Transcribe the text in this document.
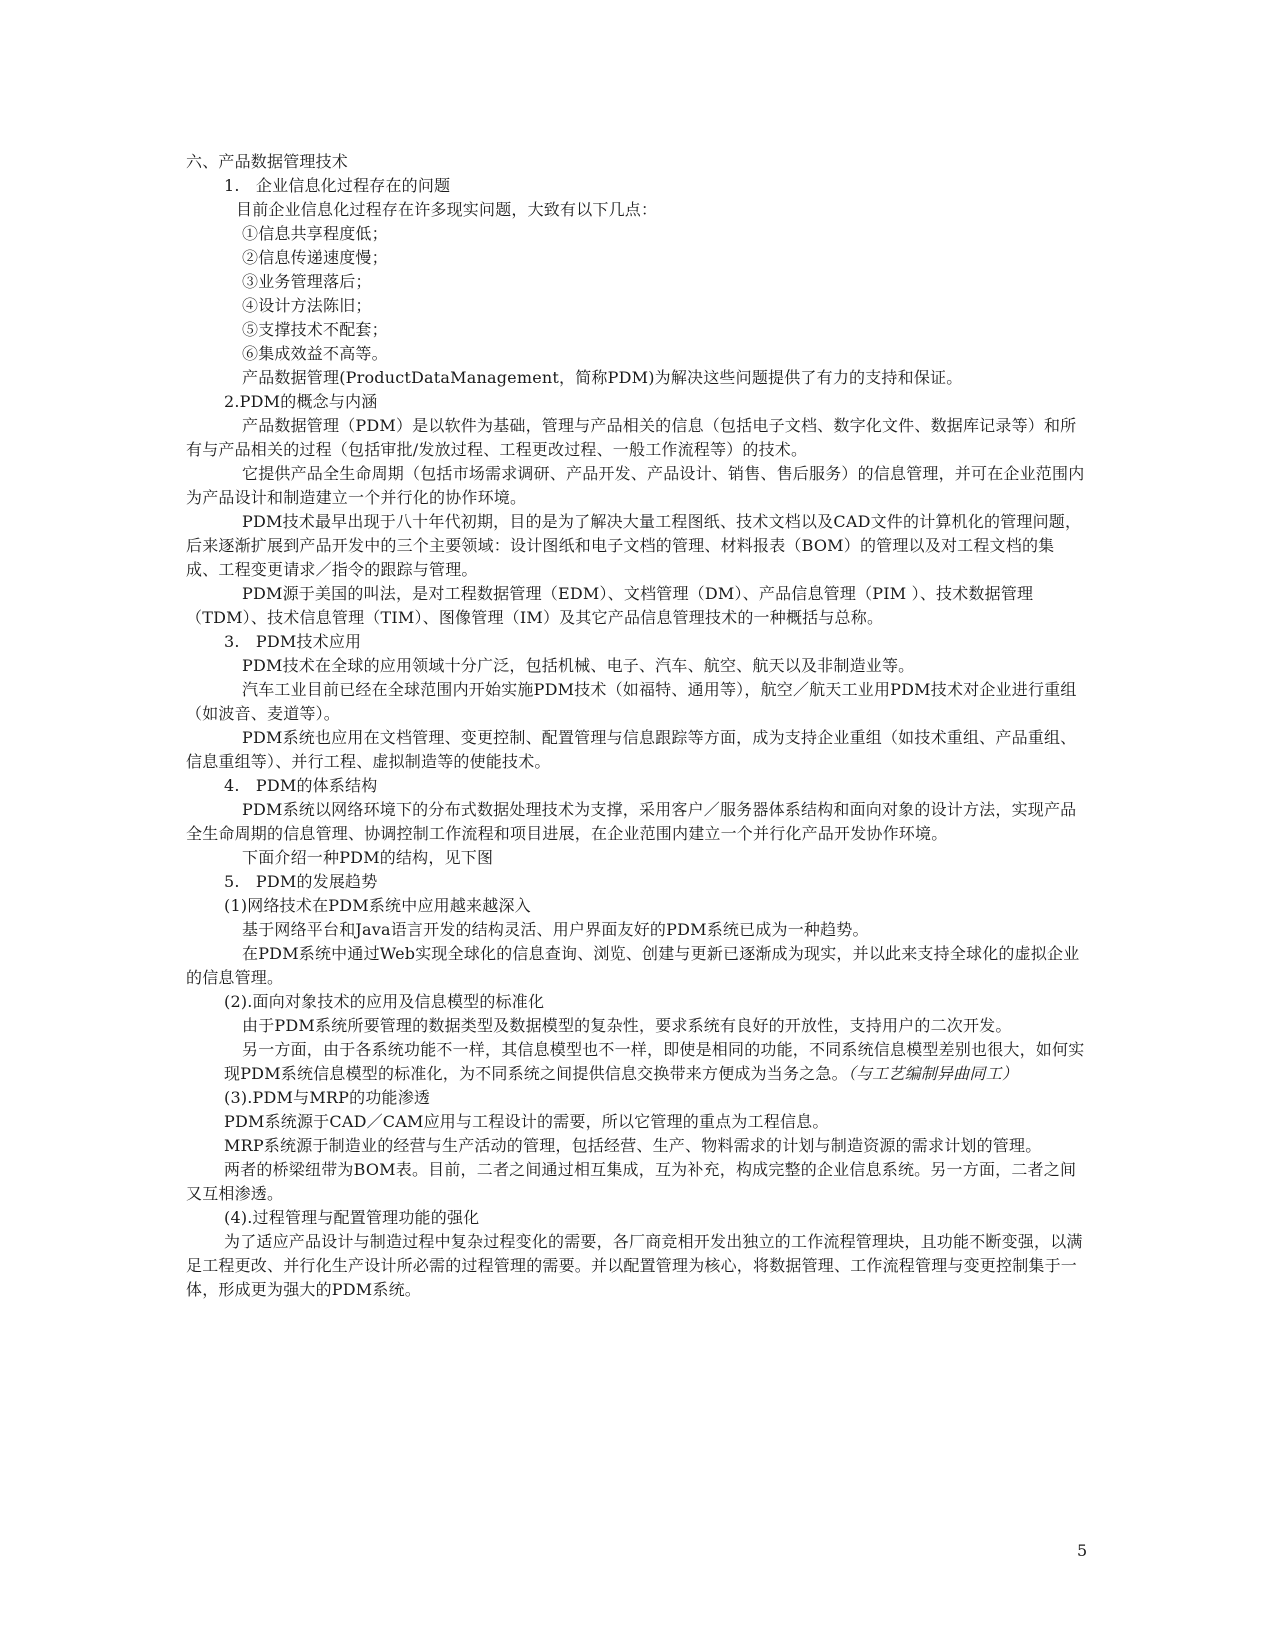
六、产品数据管理技术

1.　企业信息化过程存在的问题

目前企业信息化过程存在许多现实问题，大致有以下几点：

①信息共享程度低；

②信息传递速度慢；

③业务管理落后；

④设计方法陈旧；

⑤支撑技术不配套；

⑥集成效益不高等。

产品数据管理(ProductDataManagement，简称PDM)为解决这些问题提供了有力的支持和保证。

2.PDM的概念与内涵

产品数据管理（PDM）是以软件为基础，管理与产品相关的信息（包括电子文档、数字化文件、数据库记录等）和所有与产品相关的过程（包括审批/发放过程、工程更改过程、一般工作流程等）的技术。

它提供产品全生命周期（包括市场需求调研、产品开发、产品设计、销售、售后服务）的信息管理，并可在企业范围内为产品设计和制造建立一个并行化的协作环境。

PDM技术最早出现于八十年代初期，目的是为了解决大量工程图纸、技术文档以及CAD文件的计算机化的管理问题，后来逐渐扩展到产品开发中的三个主要领域：设计图纸和电子文档的管理、材料报表（BOM）的管理以及对工程文档的集成、工程变更请求／指令的跟踪与管理。

PDM源于美国的叫法，是对工程数据管理（EDM）、文档管理（DM）、产品信息管理（PIM ）、技术数据管理（TDM）、技术信息管理（TIM）、图像管理（IM）及其它产品信息管理技术的一种概括与总称。

3.　PDM技术应用

PDM技术在全球的应用领域十分广泛，包括机械、电子、汽车、航空、航天以及非制造业等。

汽车工业目前已经在全球范围内开始实施PDM技术（如福特、通用等），航空／航天工业用PDM技术对企业进行重组（如波音、麦道等）。

PDM系统也应用在文档管理、变更控制、配置管理与信息跟踪等方面，成为支持企业重组（如技术重组、产品重组、信息重组等）、并行工程、虚拟制造等的使能技术。

4.　PDM的体系结构

PDM系统以网络环境下的分布式数据处理技术为支撑，采用客户／服务器体系结构和面向对象的设计方法，实现产品全生命周期的信息管理、协调控制工作流程和项目进展，在企业范围内建立一个并行化产品开发协作环境。

下面介绍一种PDM的结构，见下图

5.　PDM的发展趋势

(1)网络技术在PDM系统中应用越来越深入

基于网络平台和Java语言开发的结构灵活、用户界面友好的PDM系统已成为一种趋势。

在PDM系统中通过Web实现全球化的信息查询、浏览、创建与更新已逐渐成为现实，并以此来支持全球化的虚拟企业的信息管理。

(2).面向对象技术的应用及信息模型的标准化

由于PDM系统所要管理的数据类型及数据模型的复杂性，要求系统有良好的开放性，支持用户的二次开发。

另一方面，由于各系统功能不一样，其信息模型也不一样，即使是相同的功能，不同系统信息模型差别也很大，如何实现PDM系统信息模型的标准化，为不同系统之间提供信息交换带来方便成为当务之急。（与工艺编制异曲同工）

(3).PDM与MRP的功能渗透

PDM系统源于CAD／CAM应用与工程设计的需要，所以它管理的重点为工程信息。

MRP系统源于制造业的经营与生产活动的管理，包括经营、生产、物料需求的计划与制造资源的需求计划的管理。

两者的桥梁纽带为BOM表。目前，二者之间通过相互集成，互为补充，构成完整的企业信息系统。另一方面，二者之间又互相渗透。

(4).过程管理与配置管理功能的强化

为了适应产品设计与制造过程中复杂过程变化的需要，各厂商竞相开发出独立的工作流程管理块，且功能不断变强，以满足工程更改、并行化生产设计所必需的过程管理的需要。并以配置管理为核心，将数据管理、工作流程管理与变更控制集于一体，形成更为强大的PDM系统。

5
